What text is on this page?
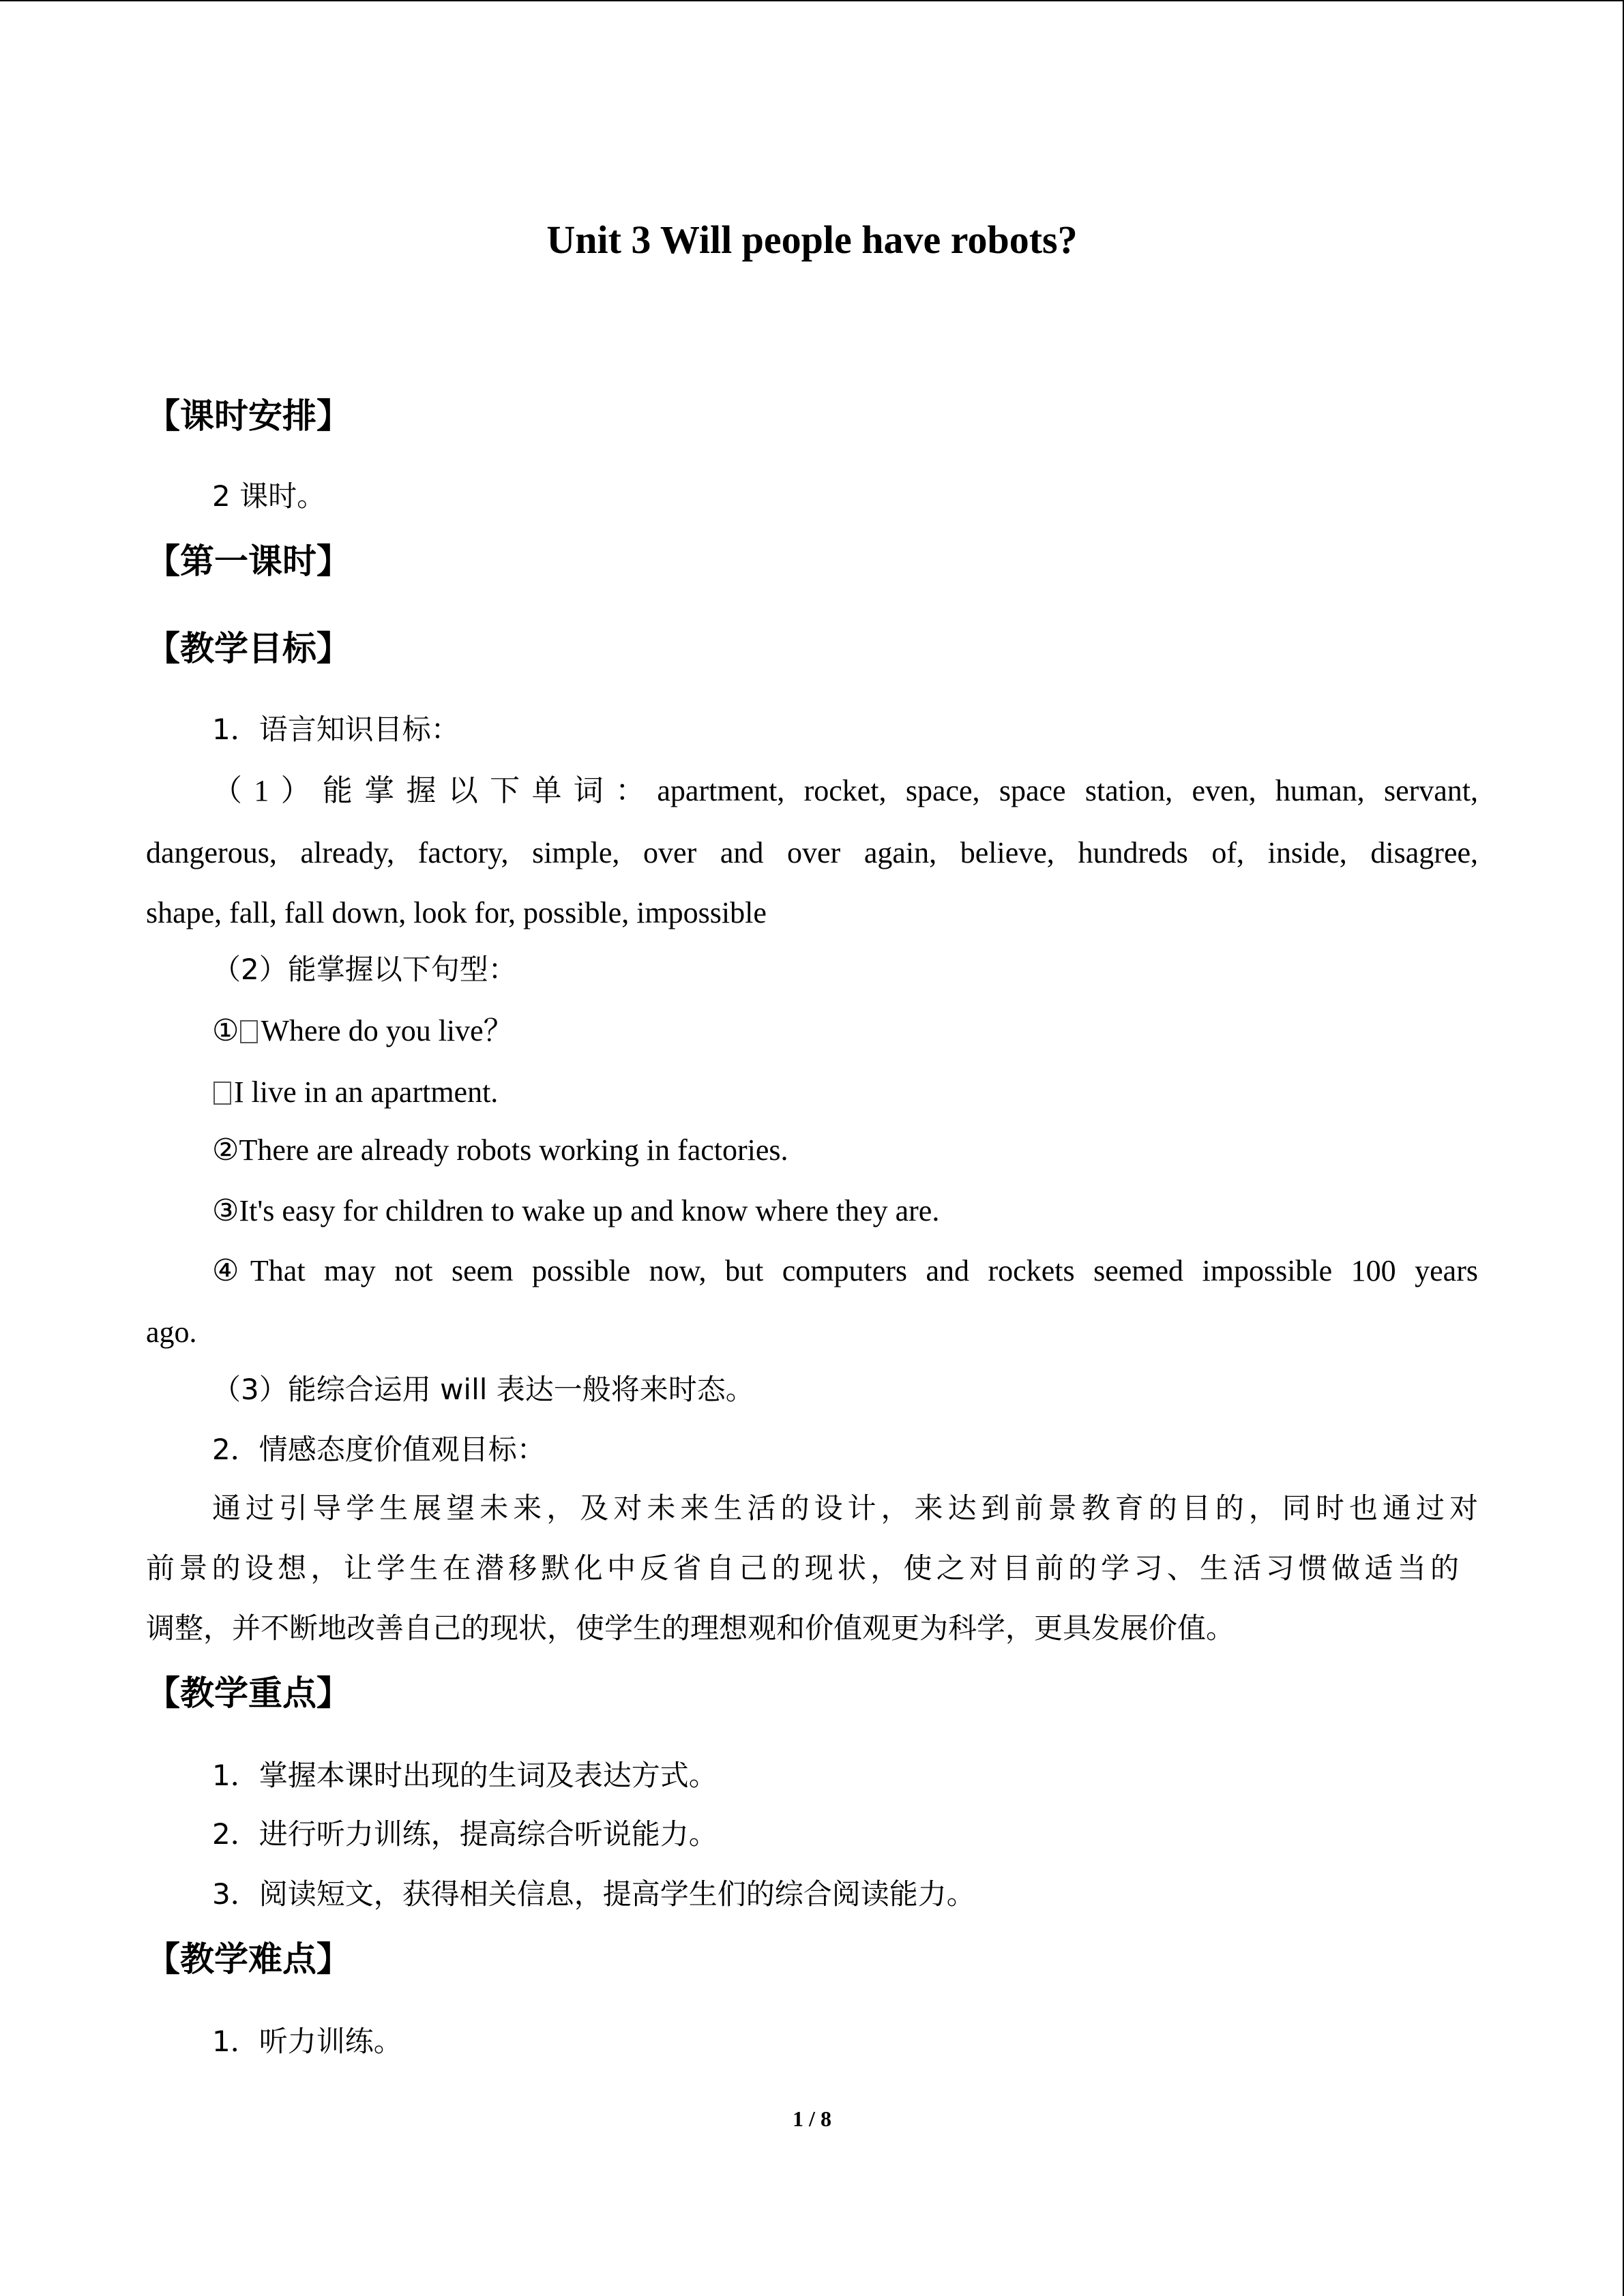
Unit 3 Will people have robots?
【课时安排】
2 课时。
【第一课时】
【教学目标】
1．语言知识目标：
（1）能掌握以下单词：apartment, rocket, space, space station, even, human, servant,
dangerous, already, factory, simple, over and over again, believe, hundreds of, inside, disagree,
shape, fall, fall down, look for, possible, impossible
（2）能掌握以下句型：
① Where do you live？
I live in an apartment.
②There are already robots working in factories.
③It's easy for children to wake up and know where they are.
④That may not seem possible now, but computers and rockets seemed impossible 100 years
ago.
（3）能综合运用 will 表达一般将来时态。
2．情感态度价值观目标：
通过引导学生展望未来，及对未来生活的设计，来达到前景教育的目的，同时也通过对
前景的设想，让学生在潜移默化中反省自己的现状，使之对目前的学习、生活习惯做适当的
调整，并不断地改善自己的现状，使学生的理想观和价值观更为科学，更具发展价值。
【教学重点】
1．掌握本课时出现的生词及表达方式。
2．进行听力训练，提高综合听说能力。
3．阅读短文，获得相关信息，提高学生们的综合阅读能力。
【教学难点】
1．听力训练。
1 / 8
